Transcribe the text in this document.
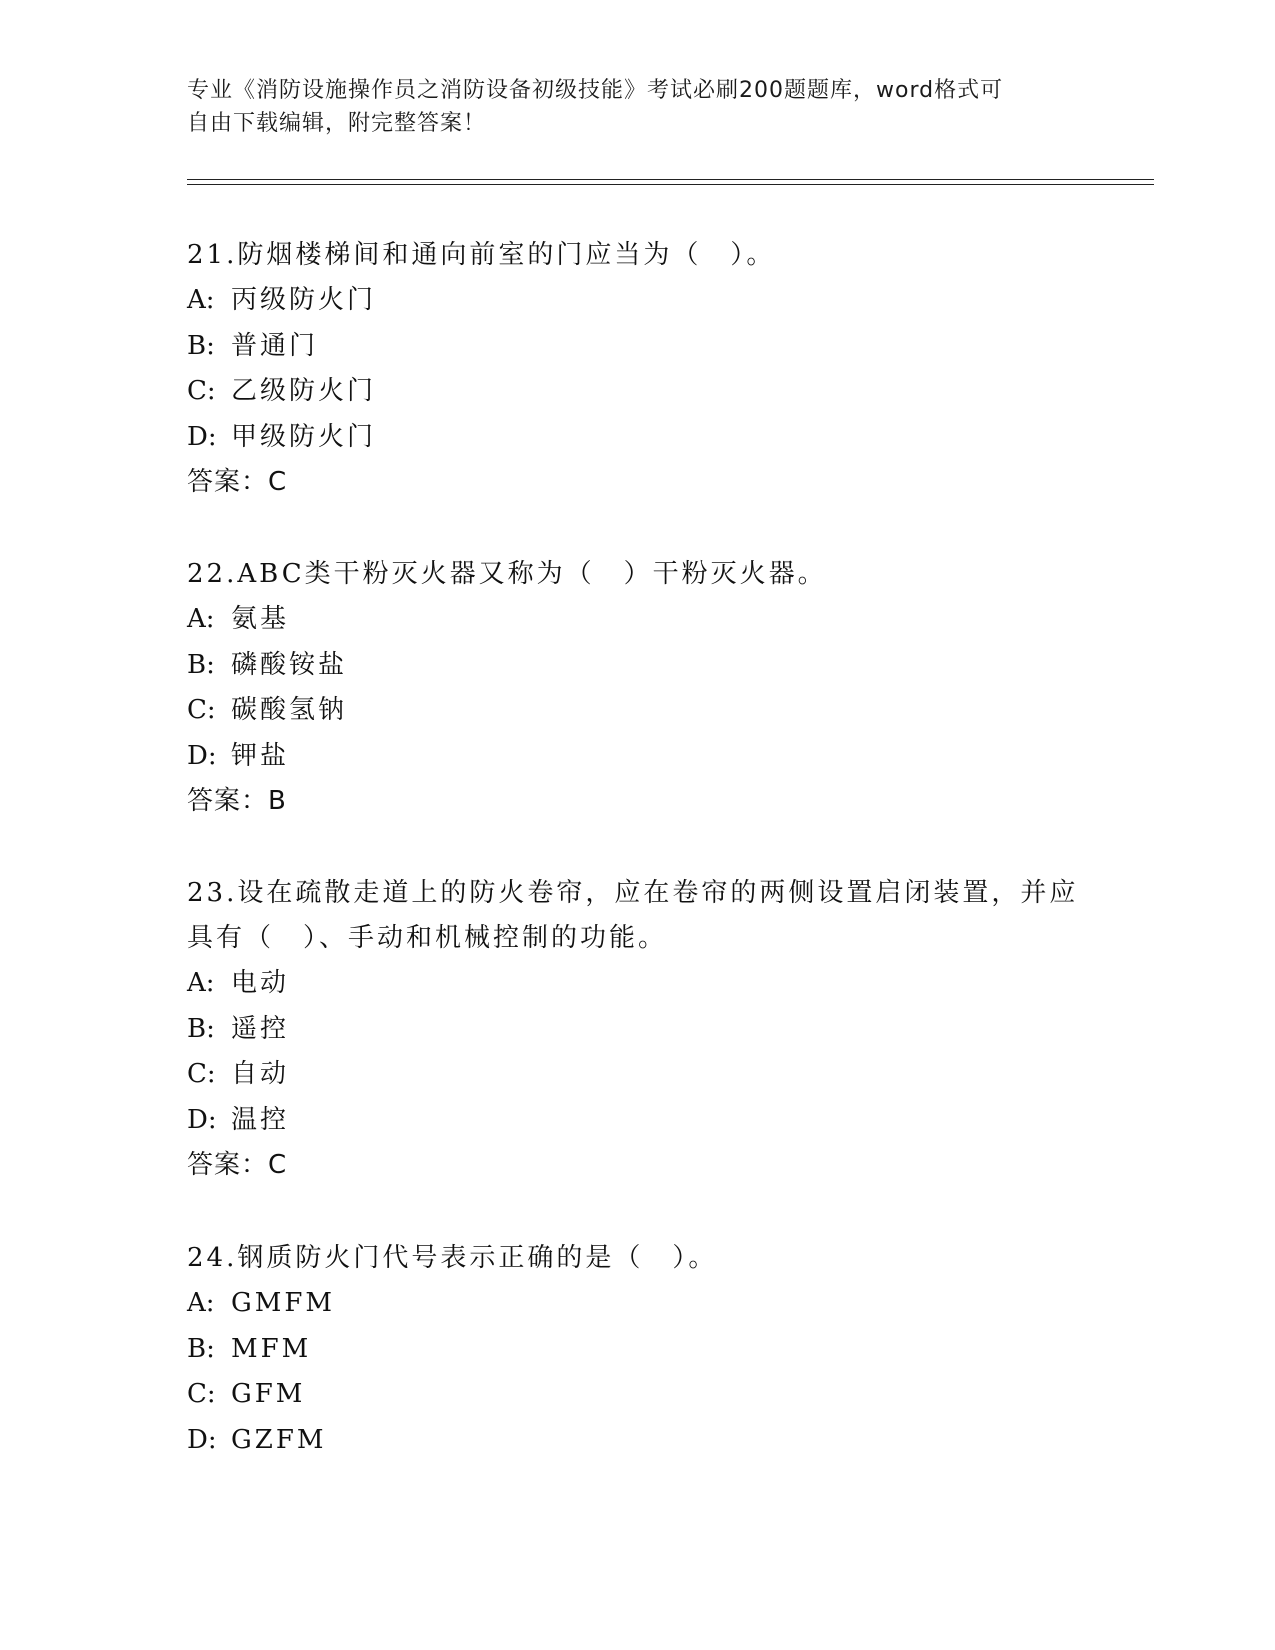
专业《消防设施操作员之消防设备初级技能》考试必刷200题题库，word格式可
自由下载编辑，附完整答案！

21.防烟楼梯间和通向前室的门应当为（　）。

A: 丙级防火门

B: 普通门

C: 乙级防火门

D: 甲级防火门

答案：C

22.ABC类干粉灭火器又称为（　）干粉灭火器。

A: 氨基

B: 磷酸铵盐

C: 碳酸氢钠

D: 钾盐

答案：B

23.设在疏散走道上的防火卷帘，应在卷帘的两侧设置启闭装置，并应具有（　）、手动和机械控制的功能。

A: 电动

B: 遥控

C: 自动

D: 温控

答案：C

24.钢质防火门代号表示正确的是（　）。

A: GMFM

B: MFM

C: GFM

D: GZFM
